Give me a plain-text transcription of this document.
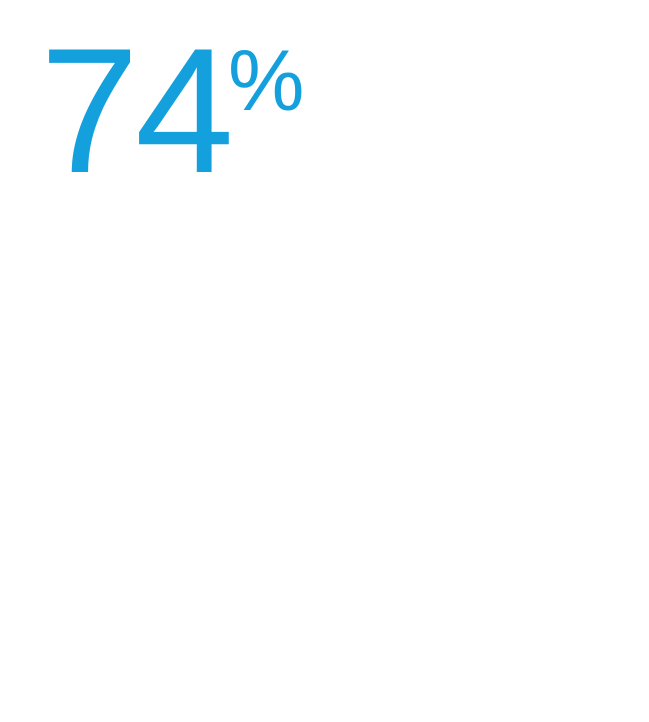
74
%
